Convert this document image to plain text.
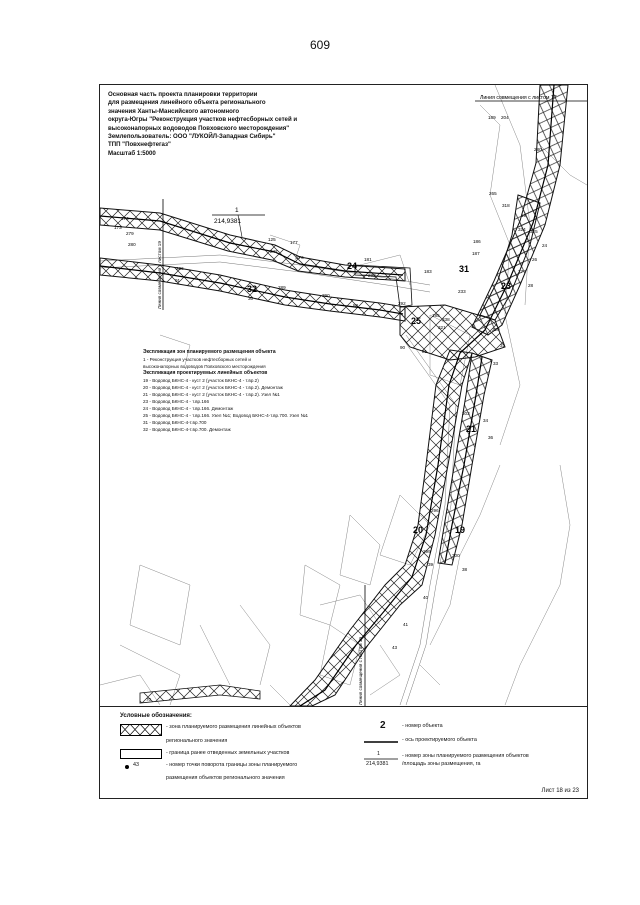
609
Линия совмещения с листом 17
Линия совмещения с листом 19
Линия совмещения с листом 19
1
214,9381
24
32
31
23
25
21
20	19
174
173
279
280
125
177
247
276	181
232
183
286
91
289
290
30
292
88
185
338
321	320
31
90
81
33
303
34
36
296
299
300
39
38
40
41
43
70
189 204
280
265
318
19
324 325
186
187
26
24
27
28
233
Основная часть проекта планировки территории
для размещения линейного объекта регионального
значения Ханты-Мансийского автономного
округа-Югры "Реконструкция участков нефтесборных сетей и
высоконапорных водоводов Повховского месторождения"
Землепользователь: ООО "ЛУКОЙЛ-Западная Сибирь"
ТПП "Повхнефтегаз"
Масштаб 1:5000
Экспликация зон планируемого размещения объекта
1 - Реконструкция участков нефтесборных сетей и
высоконапорных водоводов Повховского месторождения
Экспликация проектируемых линейных объектов
19 - Водовод БКНС-4 - куст 2 (участок БКНС-4 - т.вр.2)
20 - Водовод БКНС-4 - куст 2 (участок БКНС-4 - т.вр.2). Демонтаж
21 - Водовод БКНС-4 - куст 2 (участок БКНС-4 - т.вр.2). Узел №1
23 - Водовод БКНС-4 - т.вр.166
24 - Водовод БКНС-4 - т.вр.166. Демонтаж
25 - Водовод БКНС-4 - т.вр.166. Узел №1; Водовод БКНС-4-т.вр.700. Узел №1
31 - Водовод БКНС-4-т.вр.700
32 - Водовод БКНС-4-т.вр.700. Демонтаж
Условные обозначения:
- зона планируемого размещения линейных объектов
регионального значения
- граница ранее отведенных земельных участков
43	- номер точки поворота границы зоны планируемого
размещения объектов регионального значения
2	- номер объекта
- ось проектируемого объекта
1
214,9381
- номер зоны планируемого размещения объектов
/площадь зоны размещения, га
Лист 18 из 23
